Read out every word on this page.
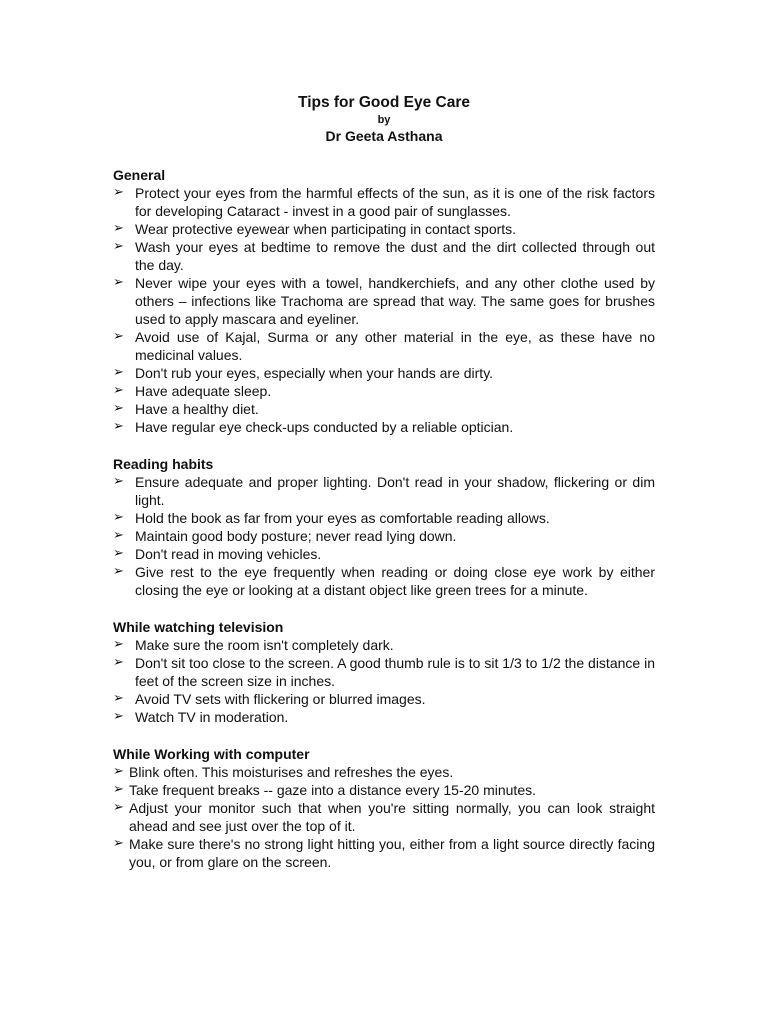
Tips for Good Eye Care
by
Dr Geeta Asthana
General
➢ Protect your eyes from the harmful effects of the sun, as it is one of the risk factors for developing Cataract - invest in a good pair of sunglasses.
➢ Wear protective eyewear when participating in contact sports.
➢ Wash your eyes at bedtime to remove the dust and the dirt collected through out the day.
➢ Never wipe your eyes with a towel, handkerchiefs, and any other clothe used by others – infections like Trachoma are spread that way. The same goes for brushes used to apply mascara and eyeliner.
➢ Avoid use of Kajal, Surma or any other material in the eye, as these have no medicinal values.
➢ Don't rub your eyes, especially when your hands are dirty.
➢ Have adequate sleep.
➢ Have a healthy diet.
➢ Have regular eye check-ups conducted by a reliable optician.
Reading habits
➢ Ensure adequate and proper lighting. Don't read in your shadow, flickering or dim light.
➢ Hold the book as far from your eyes as comfortable reading allows.
➢ Maintain good body posture; never read lying down.
➢ Don't read in moving vehicles.
➢ Give rest to the eye frequently when reading or doing close eye work by either closing the eye or looking at a distant object like green trees for a minute.
While watching television
➢ Make sure the room isn't completely dark.
➢ Don't sit too close to the screen. A good thumb rule is to sit 1/3 to 1/2 the distance in feet of the screen size in inches.
➢ Avoid TV sets with flickering or blurred images.
➢ Watch TV in moderation.
While Working with computer
➢ Blink often. This moisturises and refreshes the eyes.
➢ Take frequent breaks -- gaze into a distance every 15-20 minutes.
➢ Adjust your monitor such that when you're sitting normally, you can look straight ahead and see just over the top of it.
➢ Make sure there's no strong light hitting you, either from a light source directly facing you, or from glare on the screen.
